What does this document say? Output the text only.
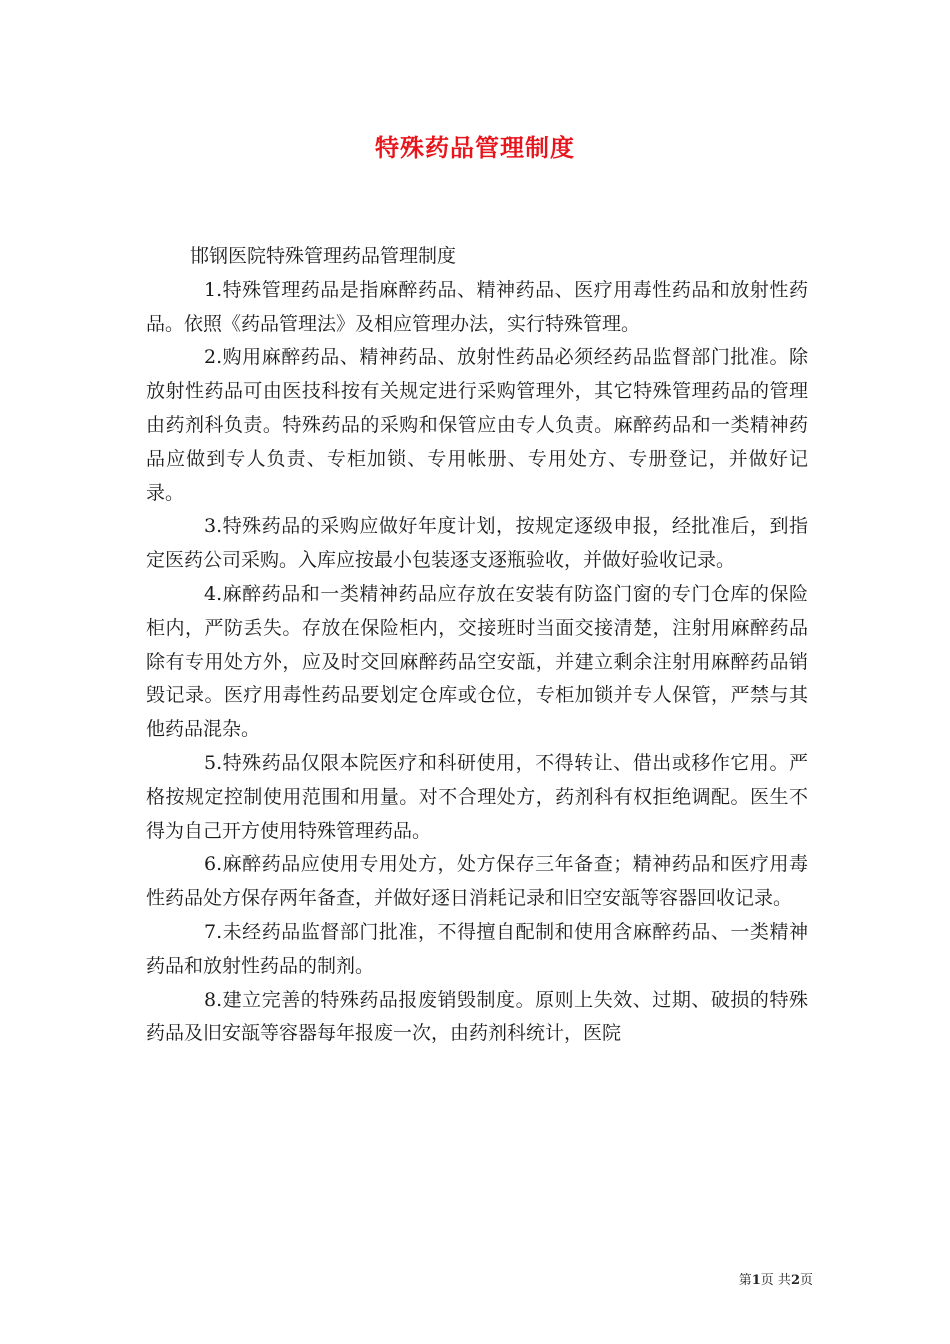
特殊药品管理制度

邯钢医院特殊管理药品管理制度

1.特殊管理药品是指麻醉药品、精神药品、医疗用毒性药品和放射性药品。依照《药品管理法》及相应管理办法，实行特殊管理。

2.购用麻醉药品、精神药品、放射性药品必须经药品监督部门批准。除放射性药品可由医技科按有关规定进行采购管理外，其它特殊管理药品的管理由药剂科负责。特殊药品的采购和保管应由专人负责。麻醉药品和一类精神药品应做到专人负责、专柜加锁、专用帐册、专用处方、专册登记，并做好记录。

3.特殊药品的采购应做好年度计划，按规定逐级申报，经批准后，到指定医药公司采购。入库应按最小包装逐支逐瓶验收，并做好验收记录。

4.麻醉药品和一类精神药品应存放在安装有防盗门窗的专门仓库的保险柜内，严防丢失。存放在保险柜内，交接班时当面交接清楚，注射用麻醉药品除有专用处方外，应及时交回麻醉药品空安瓿，并建立剩余注射用麻醉药品销毁记录。医疗用毒性药品要划定仓库或仓位，专柜加锁并专人保管，严禁与其他药品混杂。

5.特殊药品仅限本院医疗和科研使用，不得转让、借出或移作它用。严格按规定控制使用范围和用量。对不合理处方，药剂科有权拒绝调配。医生不得为自己开方使用特殊管理药品。

6.麻醉药品应使用专用处方，处方保存三年备查；精神药品和医疗用毒性药品处方保存两年备查，并做好逐日消耗记录和旧空安瓿等容器回收记录。

7.未经药品监督部门批准，不得擅自配制和使用含麻醉药品、一类精神药品和放射性药品的制剂。

8.建立完善的特殊药品报废销毁制度。原则上失效、过期、破损的特殊药品及旧安瓿等容器每年报废一次，由药剂科统计，医院

第1页 共2页
